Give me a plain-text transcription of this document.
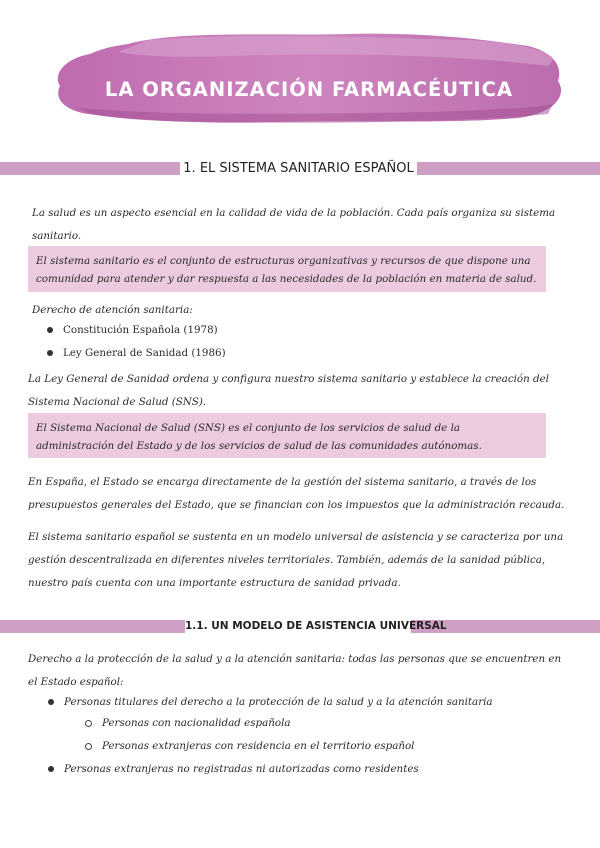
LA ORGANIZACIÓN FARMACÉUTICA
1. EL SISTEMA SANITARIO ESPAÑOL
La salud es un aspecto esencial en la calidad de vida de la población. Cada país organiza su sistema sanitario.
El sistema sanitario es el conjunto de estructuras organizativas y recursos de que dispone una comunidad para atender y dar respuesta a las necesidades de la población en materia de salud.
Derecho de atención sanitaria:
Constitución Española (1978)
Ley General de Sanidad (1986)
La Ley General de Sanidad ordena y configura nuestro sistema sanitario y establece la creación del Sistema Nacional de Salud (SNS).
El Sistema Nacional de Salud (SNS) es el conjunto de los servicios de salud de la administración del Estado y de los servicios de salud de las comunidades autónomas.
En España, el Estado se encarga directamente de la gestión del sistema sanitario, a través de los presupuestos generales del Estado, que se financian con los impuestos que la administración recauda.
El sistema sanitario español se sustenta en un modelo universal de asistencia y se caracteriza por una gestión descentralizada en diferentes niveles territoriales. También, además de la sanidad pública, nuestro país cuenta con una importante estructura de sanidad privada.
1.1. UN MODELO DE ASISTENCIA UNIVERSAL
Derecho a la protección de la salud y a la atención sanitaria: todas las personas que se encuentren en el Estado español:
Personas titulares del derecho a la protección de la salud y a la atención sanitaria
Personas con nacionalidad española
Personas extranjeras con residencia en el territorio español
Personas extranjeras no registradas ni autorizadas como residentes
